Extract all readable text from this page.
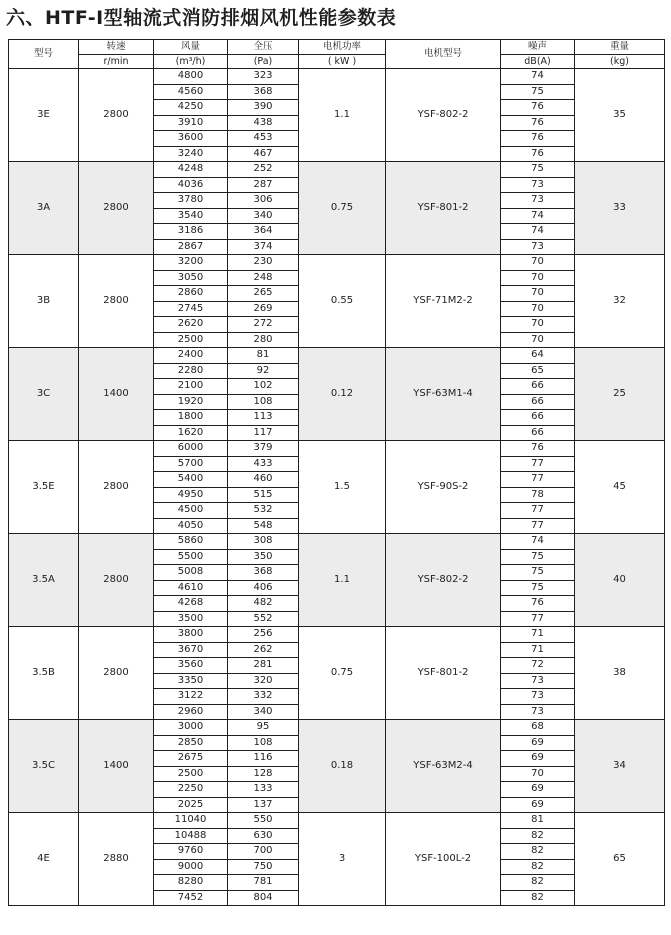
六、HTF-I型轴流式消防排烟风机性能参数表
型号	转速	风量	全压	电机功率	电机型号	噪声	重量
	r/min	(m³/h)	(Pa)	( kW )		dB(A)	(kg)
3E	2800	4800	323	1.1	YSF-802-2	74	35
		4560	368			75	
		4250	390			76	
		3910	438			76	
		3600	453			76	
		3240	467			76	
3A	2800	4248	252	0.75	YSF-801-2	75	33
		4036	287			73	
		3780	306			73	
		3540	340			74	
		3186	364			74	
		2867	374			73	
3B	2800	3200	230	0.55	YSF-71M2-2	70	32
		3050	248			70	
		2860	265			70	
		2745	269			70	
		2620	272			70	
		2500	280			70	
3C	1400	2400	81	0.12	YSF-63M1-4	64	25
		2280	92			65	
		2100	102			66	
		1920	108			66	
		1800	113			66	
		1620	117			66	
3.5E	2800	6000	379	1.5	YSF-90S-2	76	45
		5700	433			77	
		5400	460			77	
		4950	515			78	
		4500	532			77	
		4050	548			77	
3.5A	2800	5860	308	1.1	YSF-802-2	74	40
		5500	350			75	
		5008	368			75	
		4610	406			75	
		4268	482			76	
		3500	552			77	
3.5B	2800	3800	256	0.75	YSF-801-2	71	38
		3670	262			71	
		3560	281			72	
		3350	320			73	
		3122	332			73	
		2960	340			73	
3.5C	1400	3000	95	0.18	YSF-63M2-4	68	34
		2850	108			69	
		2675	116			69	
		2500	128			70	
		2250	133			69	
		2025	137			69	
4E	2880	11040	550	3	YSF-100L-2	81	65
		10488	630			82	
		9760	700			82	
		9000	750			82	
		8280	781			82	
		7452	804			82	
